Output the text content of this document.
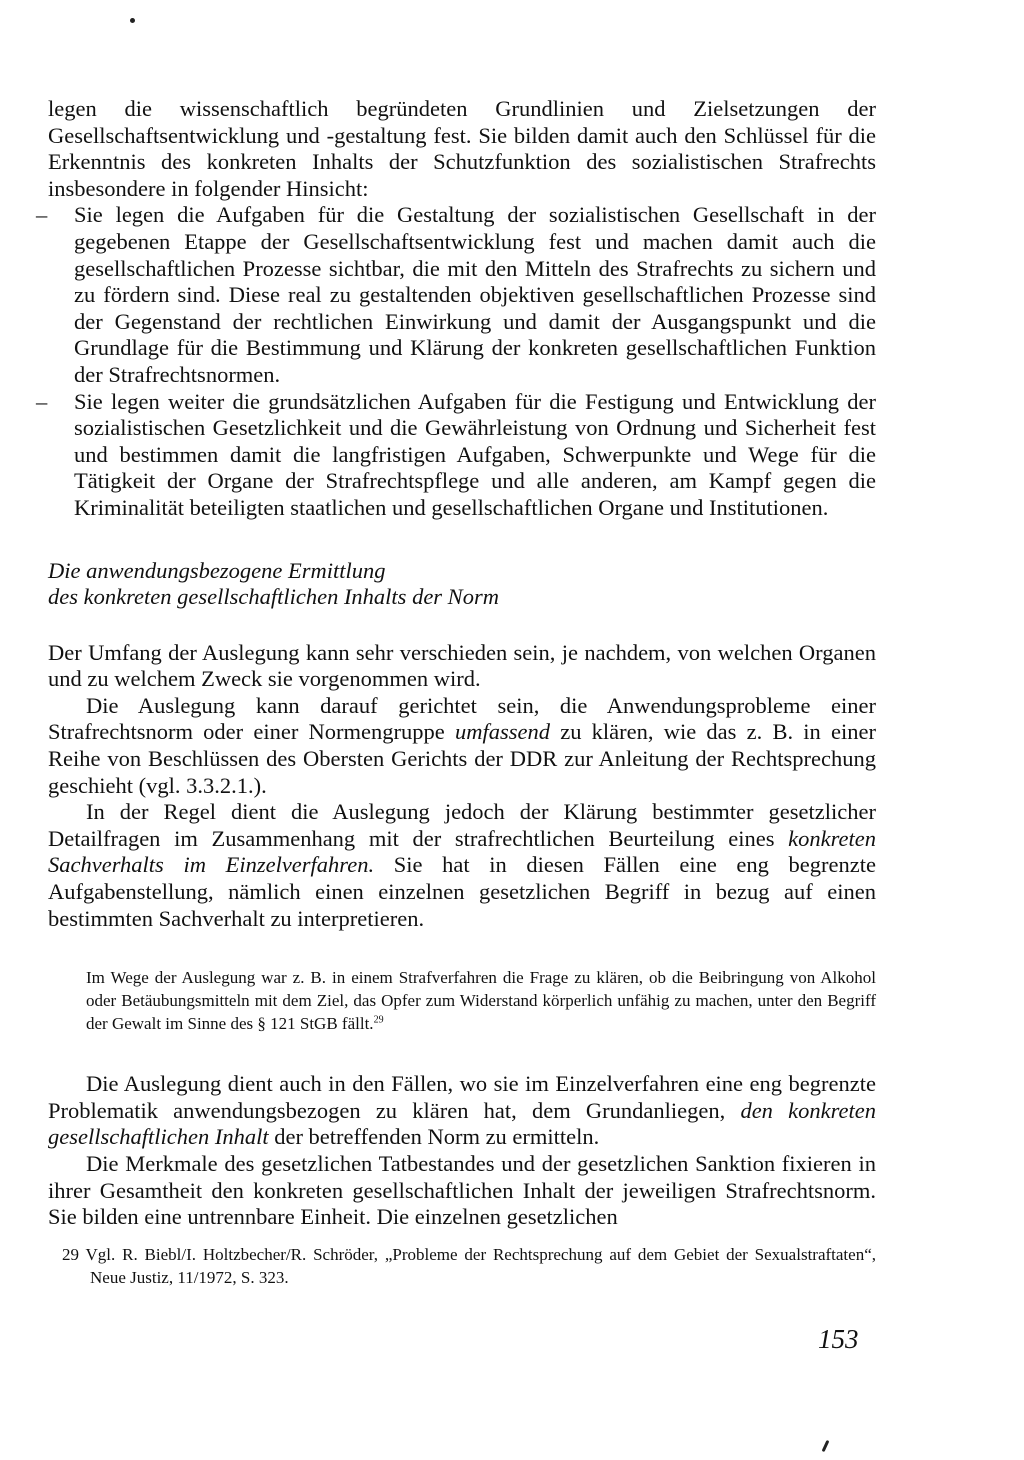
legen die wissenschaftlich begründeten Grundlinien und Zielsetzungen der Gesellschaftsentwicklung und -gestaltung fest. Sie bilden damit auch den Schlüssel für die Erkenntnis des konkreten Inhalts der Schutzfunktion des sozialistischen Strafrechts insbesondere in folgender Hinsicht:

– Sie legen die Aufgaben für die Gestaltung der sozialistischen Gesellschaft in der gegebenen Etappe der Gesellschaftsentwicklung fest und machen damit auch die gesellschaftlichen Prozesse sichtbar, die mit den Mitteln des Strafrechts zu sichern und zu fördern sind. Diese real zu gestaltenden objektiven gesellschaftlichen Prozesse sind der Gegenstand der rechtlichen Einwirkung und damit der Ausgangspunkt und die Grundlage für die Bestimmung und Klärung der konkreten gesellschaftlichen Funktion der Strafrechtsnormen.
– Sie legen weiter die grundsätzlichen Aufgaben für die Festigung und Entwicklung der sozialistischen Gesetzlichkeit und die Gewährleistung von Ordnung und Sicherheit fest und bestimmen damit die langfristigen Aufgaben, Schwerpunkte und Wege für die Tätigkeit der Organe der Strafrechtspflege und alle anderen, am Kampf gegen die Kriminalität beteiligten staatlichen und gesellschaftlichen Organe und Institutionen.
Die anwendungsbezogene Ermittlung
des konkreten gesellschaftlichen Inhalts der Norm

Der Umfang der Auslegung kann sehr verschieden sein, je nachdem, von welchen Organen und zu welchem Zweck sie vorgenommen wird.

Die Auslegung kann darauf gerichtet sein, die Anwendungsprobleme einer Strafrechtsnorm oder einer Normengruppe umfassend zu klären, wie das z. B. in einer Reihe von Beschlüssen des Obersten Gerichts der DDR zur Anleitung der Rechtsprechung geschieht (vgl. 3.3.2.1.).

In der Regel dient die Auslegung jedoch der Klärung bestimmter gesetzlicher Detailfragen im Zusammenhang mit der strafrechtlichen Beurteilung eines konkreten Sachverhalts im Einzelverfahren. Sie hat in diesen Fällen eine eng begrenzte Aufgabenstellung, nämlich einen einzelnen gesetzlichen Begriff in bezug auf einen bestimmten Sachverhalt zu interpretieren.

Im Wege der Auslegung war z. B. in einem Strafverfahren die Frage zu klären, ob die Beibringung von Alkohol oder Betäubungsmitteln mit dem Ziel, das Opfer zum Widerstand körperlich unfähig zu machen, unter den Begriff der Gewalt im Sinne des § 121 StGB fällt.$^{29}$

Die Auslegung dient auch in den Fällen, wo sie im Einzelverfahren eine eng begrenzte Problematik anwendungsbezogen zu klären hat, dem Grundanliegen, den konkreten gesellschaftlichen Inhalt der betreffenden Norm zu ermitteln.

Die Merkmale des gesetzlichen Tatbestandes und der gesetzlichen Sanktion fixieren in ihrer Gesamtheit den konkreten gesellschaftlichen Inhalt der jeweiligen Strafrechtsnorm. Sie bilden eine untrennbare Einheit. Die einzelnen gesetzlichen

29 Vgl. R. Biebl/I. Holtzbecher/R. Schröder, „Probleme der Rechtsprechung auf dem Gebiet der Sexualstraftaten“, Neue Justiz, 11/1972, S. 323.

153
